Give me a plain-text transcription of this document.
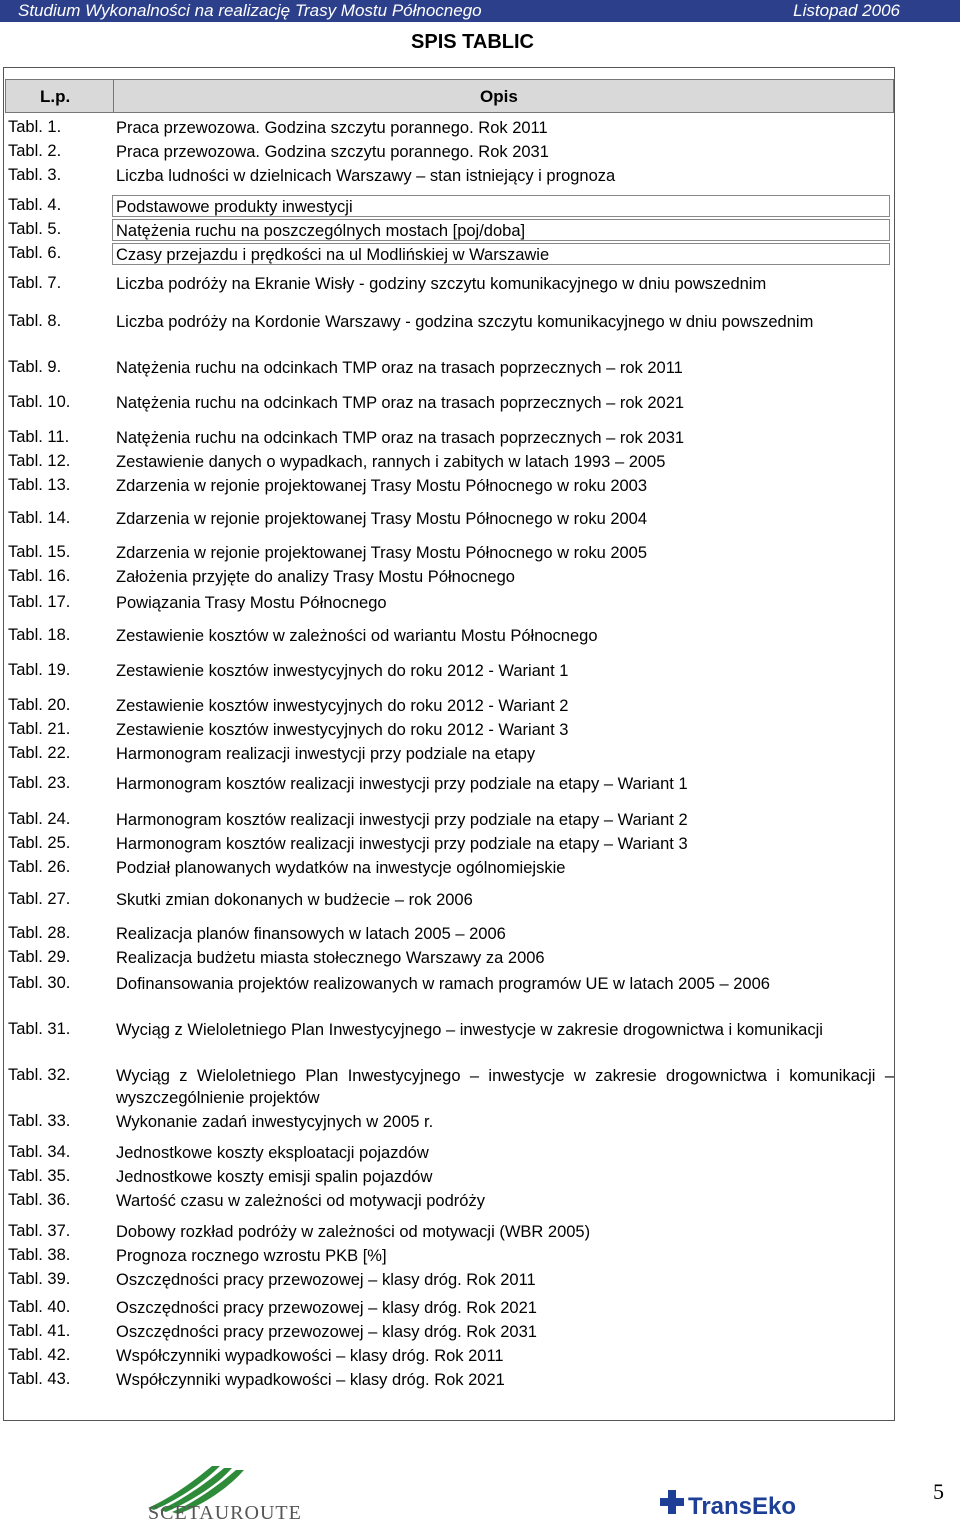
Studium Wykonalności na realizację Trasy Mostu Północnego	Listopad 2006
SPIS TABLIC
L.p.	Opis
Tabl. 1.	Praca przewozowa. Godzina szczytu porannego. Rok 2011
Tabl. 2.	Praca przewozowa. Godzina szczytu porannego. Rok 2031
Tabl. 3.	Liczba ludności w dzielnicach Warszawy – stan istniejący i prognoza
Tabl. 4.	Podstawowe produkty inwestycji
Tabl. 5.	Natężenia ruchu na poszczególnych mostach [poj/doba]
Tabl. 6.	Czasy przejazdu i prędkości na ul Modlińskiej w Warszawie
Tabl. 7.	Liczba podróży na Ekranie Wisły - godziny szczytu komunikacyjnego w dniu powszednim
Tabl. 8.	Liczba podróży na Kordonie Warszawy - godzina szczytu komunikacyjnego w dniu powszednim
Tabl. 9.	Natężenia ruchu na odcinkach TMP oraz na trasach poprzecznych – rok 2011
Tabl. 10.	Natężenia ruchu na odcinkach TMP oraz na trasach poprzecznych – rok 2021
Tabl. 11.	Natężenia ruchu na odcinkach TMP oraz na trasach poprzecznych – rok 2031
Tabl. 12.	Zestawienie danych o wypadkach, rannych i zabitych w latach 1993 – 2005
Tabl. 13.	Zdarzenia w rejonie projektowanej Trasy Mostu Północnego w roku 2003
Tabl. 14.	Zdarzenia w rejonie projektowanej Trasy Mostu Północnego w roku 2004
Tabl. 15.	Zdarzenia w rejonie projektowanej Trasy Mostu Północnego w roku 2005
Tabl. 16.	Założenia przyjęte do analizy Trasy Mostu Północnego
Tabl. 17.	Powiązania Trasy Mostu Północnego
Tabl. 18.	Zestawienie kosztów w zależności od wariantu Mostu Północnego
Tabl. 19.	Zestawienie kosztów inwestycyjnych do roku 2012 - Wariant 1
Tabl. 20.	Zestawienie kosztów inwestycyjnych do roku 2012 - Wariant 2
Tabl. 21.	Zestawienie kosztów inwestycyjnych do roku 2012 - Wariant 3
Tabl. 22.	Harmonogram realizacji inwestycji przy podziale na etapy
Tabl. 23.	Harmonogram kosztów realizacji inwestycji przy podziale na etapy – Wariant 1
Tabl. 24.	Harmonogram kosztów realizacji inwestycji przy podziale na etapy – Wariant 2
Tabl. 25.	Harmonogram kosztów realizacji inwestycji przy podziale na etapy – Wariant 3
Tabl. 26.	Podział planowanych wydatków na inwestycje ogólnomiejskie
Tabl. 27.	Skutki zmian dokonanych w budżecie – rok 2006
Tabl. 28.	Realizacja planów finansowych w latach 2005 – 2006
Tabl. 29.	Realizacja budżetu miasta stołecznego Warszawy za 2006
Tabl. 30.	Dofinansowania projektów realizowanych w ramach programów UE w latach 2005 – 2006
Tabl. 31.	Wyciąg z Wieloletniego Plan Inwestycyjnego – inwestycje w zakresie drogownictwa i komunikacji
Tabl. 32.	Wyciąg z Wieloletniego Plan Inwestycyjnego – inwestycje w zakresie drogownictwa i komunikacji – wyszczególnienie projektów
Tabl. 33.	Wykonanie zadań inwestycyjnych w 2005 r.
Tabl. 34.	Jednostkowe koszty eksploatacji pojazdów
Tabl. 35.	Jednostkowe koszty emisji spalin pojazdów
Tabl. 36.	Wartość czasu w zależności od motywacji podróży
Tabl. 37.	Dobowy rozkład podróży w zależności od motywacji (WBR 2005)
Tabl. 38.	Prognoza rocznego wzrostu PKB [%]
Tabl. 39.	Oszczędności pracy przewozowej – klasy dróg. Rok 2011
Tabl. 40.	Oszczędności pracy przewozowej – klasy dróg. Rok 2021
Tabl. 41.	Oszczędności pracy przewozowej – klasy dróg. Rok 2031
Tabl. 42.	Współczynniki wypadkowości – klasy dróg. Rok 2011
Tabl. 43.	Współczynniki wypadkowości – klasy dróg. Rok 2021
SCETAUROUTE	TransEko
5
